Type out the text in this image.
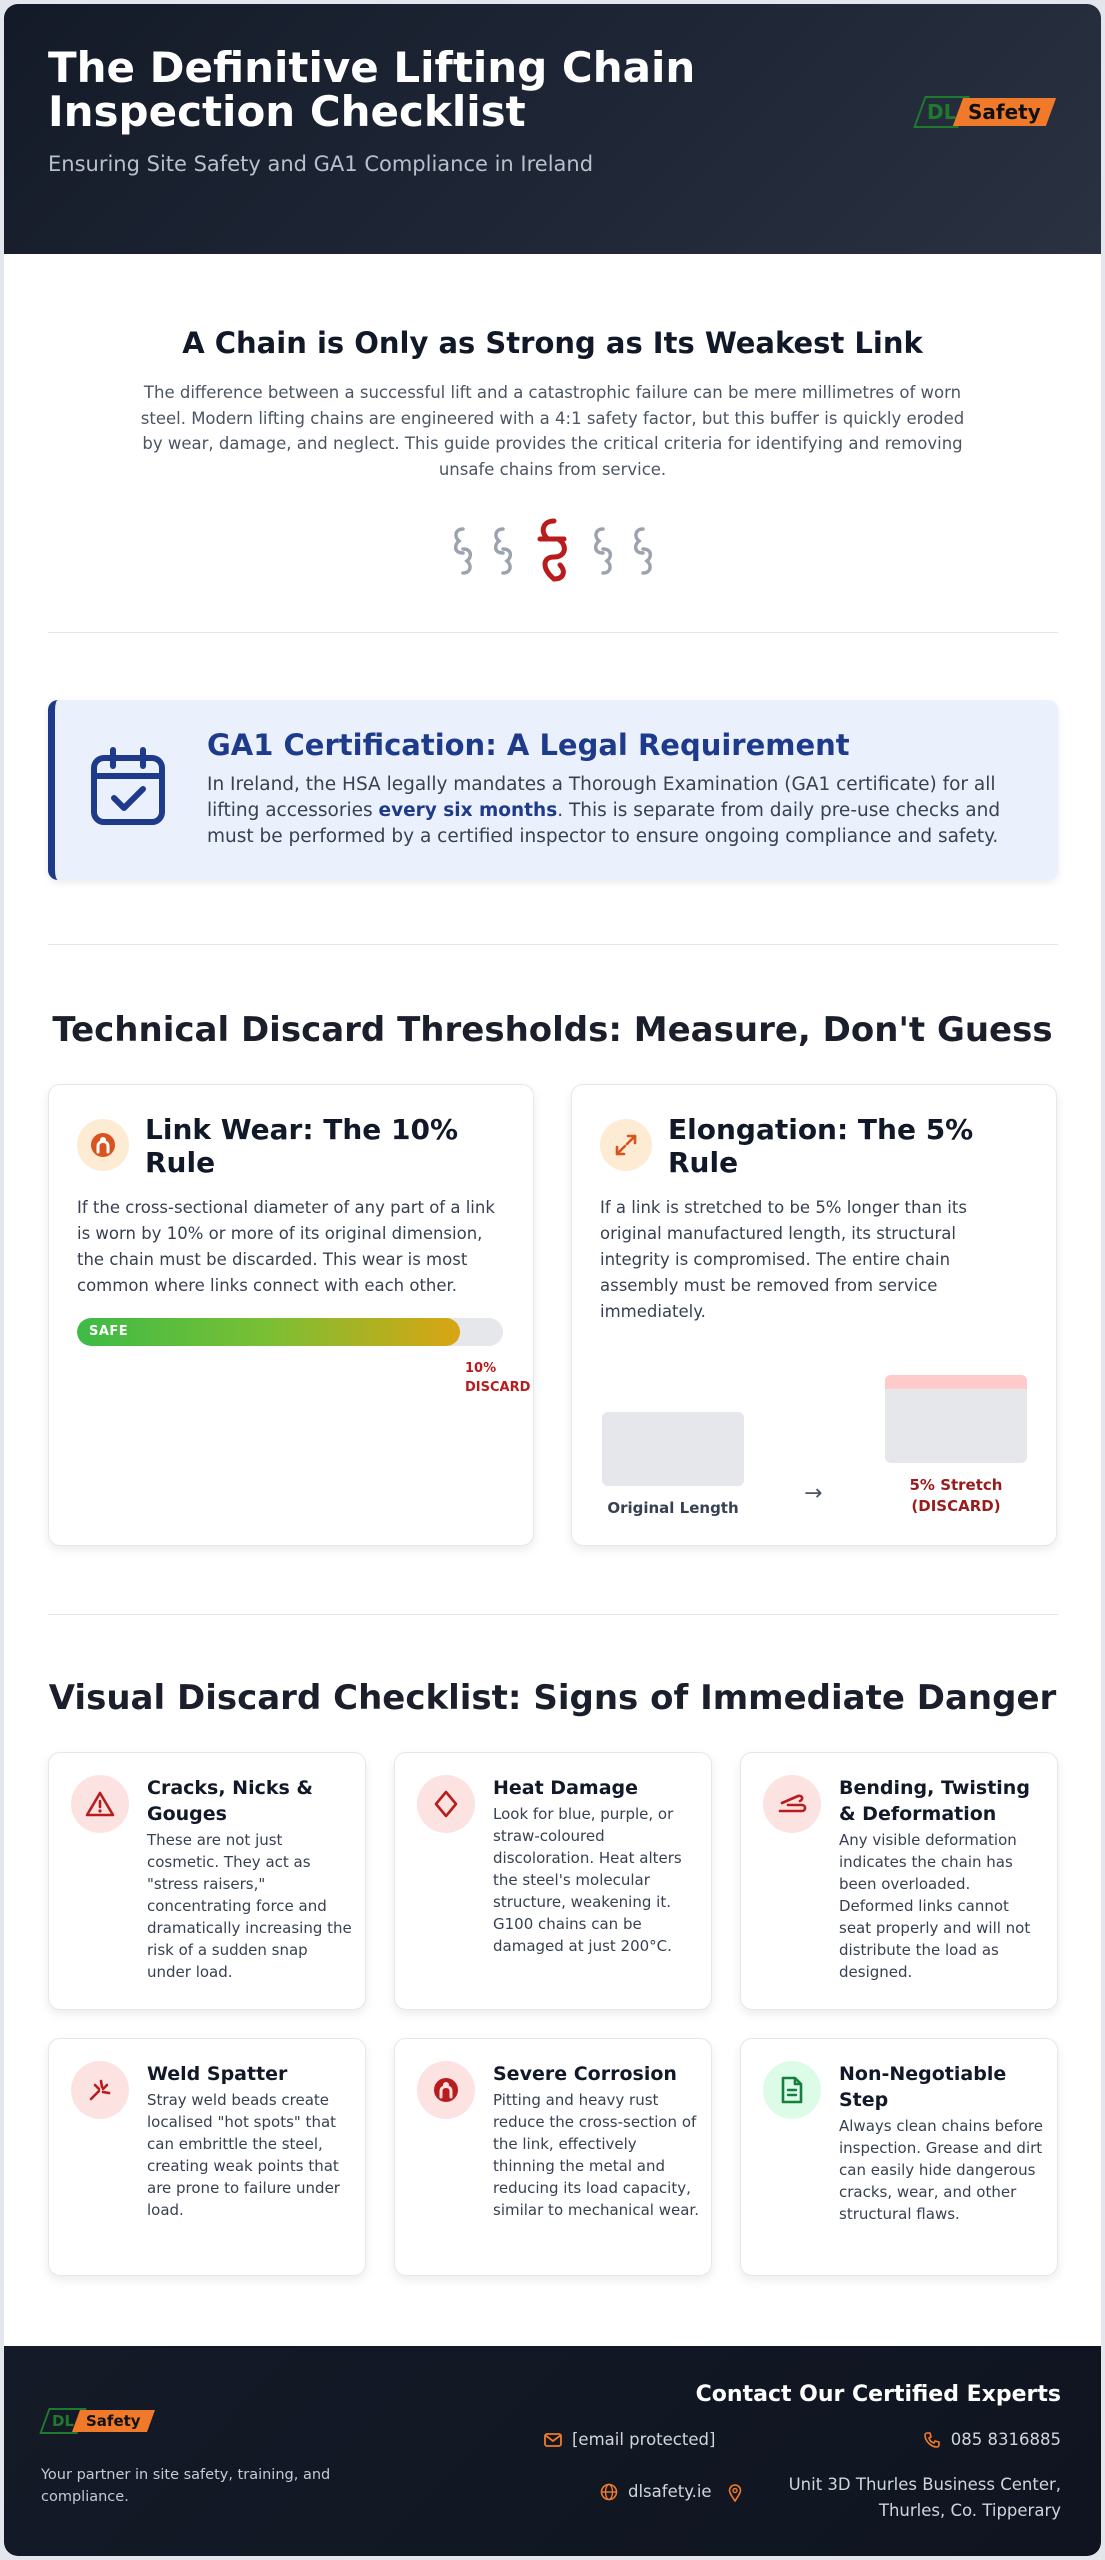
The Definitive Lifting Chain Inspection Checklist
Ensuring Site Safety and GA1 Compliance in Ireland
DL Safety
A Chain is Only as Strong as Its Weakest Link

The difference between a successful lift and a catastrophic failure can be mere millimetres of worn steel. Modern lifting chains are engineered with a 4:1 safety factor, but this buffer is quickly eroded by wear, damage, and neglect. This guide provides the critical criteria for identifying and removing unsafe chains from service.

GA1 Certification: A Legal Requirement

In Ireland, the HSA legally mandates a Thorough Examination (GA1 certificate) for all lifting accessories every six months. This is separate from daily pre-use checks and must be performed by a certified inspector to ensure ongoing compliance and safety.

Technical Discard Thresholds: Measure, Don't Guess
Link Wear: The 10% Rule

If the cross-sectional diameter of any part of a link is worn by 10% or more of its original dimension, the chain must be discarded. This wear is most common where links connect with each other.

SAFE
10%
DISCARD
Elongation: The 5% Rule

If a link is stretched to be 5% longer than its original manufactured length, its structural integrity is compromised. The entire chain assembly must be removed from service immediately.

Original Length
→	5% Stretch
(DISCARD)
Visual Discard Checklist: Signs of Immediate Danger
Cracks, Nicks & Gouges

These are not just cosmetic. They act as "stress raisers," concentrating force and dramatically increasing the risk of a sudden snap under load.

Heat Damage

Look for blue, purple, or straw-coloured discoloration. Heat alters the steel's molecular structure, weakening it. G100 chains can be damaged at just 200°C.

Bending, Twisting & Deformation

Any visible deformation indicates the chain has been overloaded. Deformed links cannot seat properly and will not distribute the load as designed.

Weld Spatter

Stray weld beads create localised "hot spots" that can embrittle the steel, creating weak points that are prone to failure under load.

Severe Corrosion

Pitting and heavy rust reduce the cross-section of the link, effectively thinning the metal and reducing its load capacity, similar to mechanical wear.

Non-Negotiable Step

Always clean chains before inspection. Grease and dirt can easily hide dangerous cracks, wear, and other structural flaws.

DL Safety
Your partner in site safety, training, and compliance.
Contact Our Certified Experts
[email protected]	085 8316885
dlsafety.ie	Unit 3D Thurles Business Center,
Thurles, Co. Tipperary
